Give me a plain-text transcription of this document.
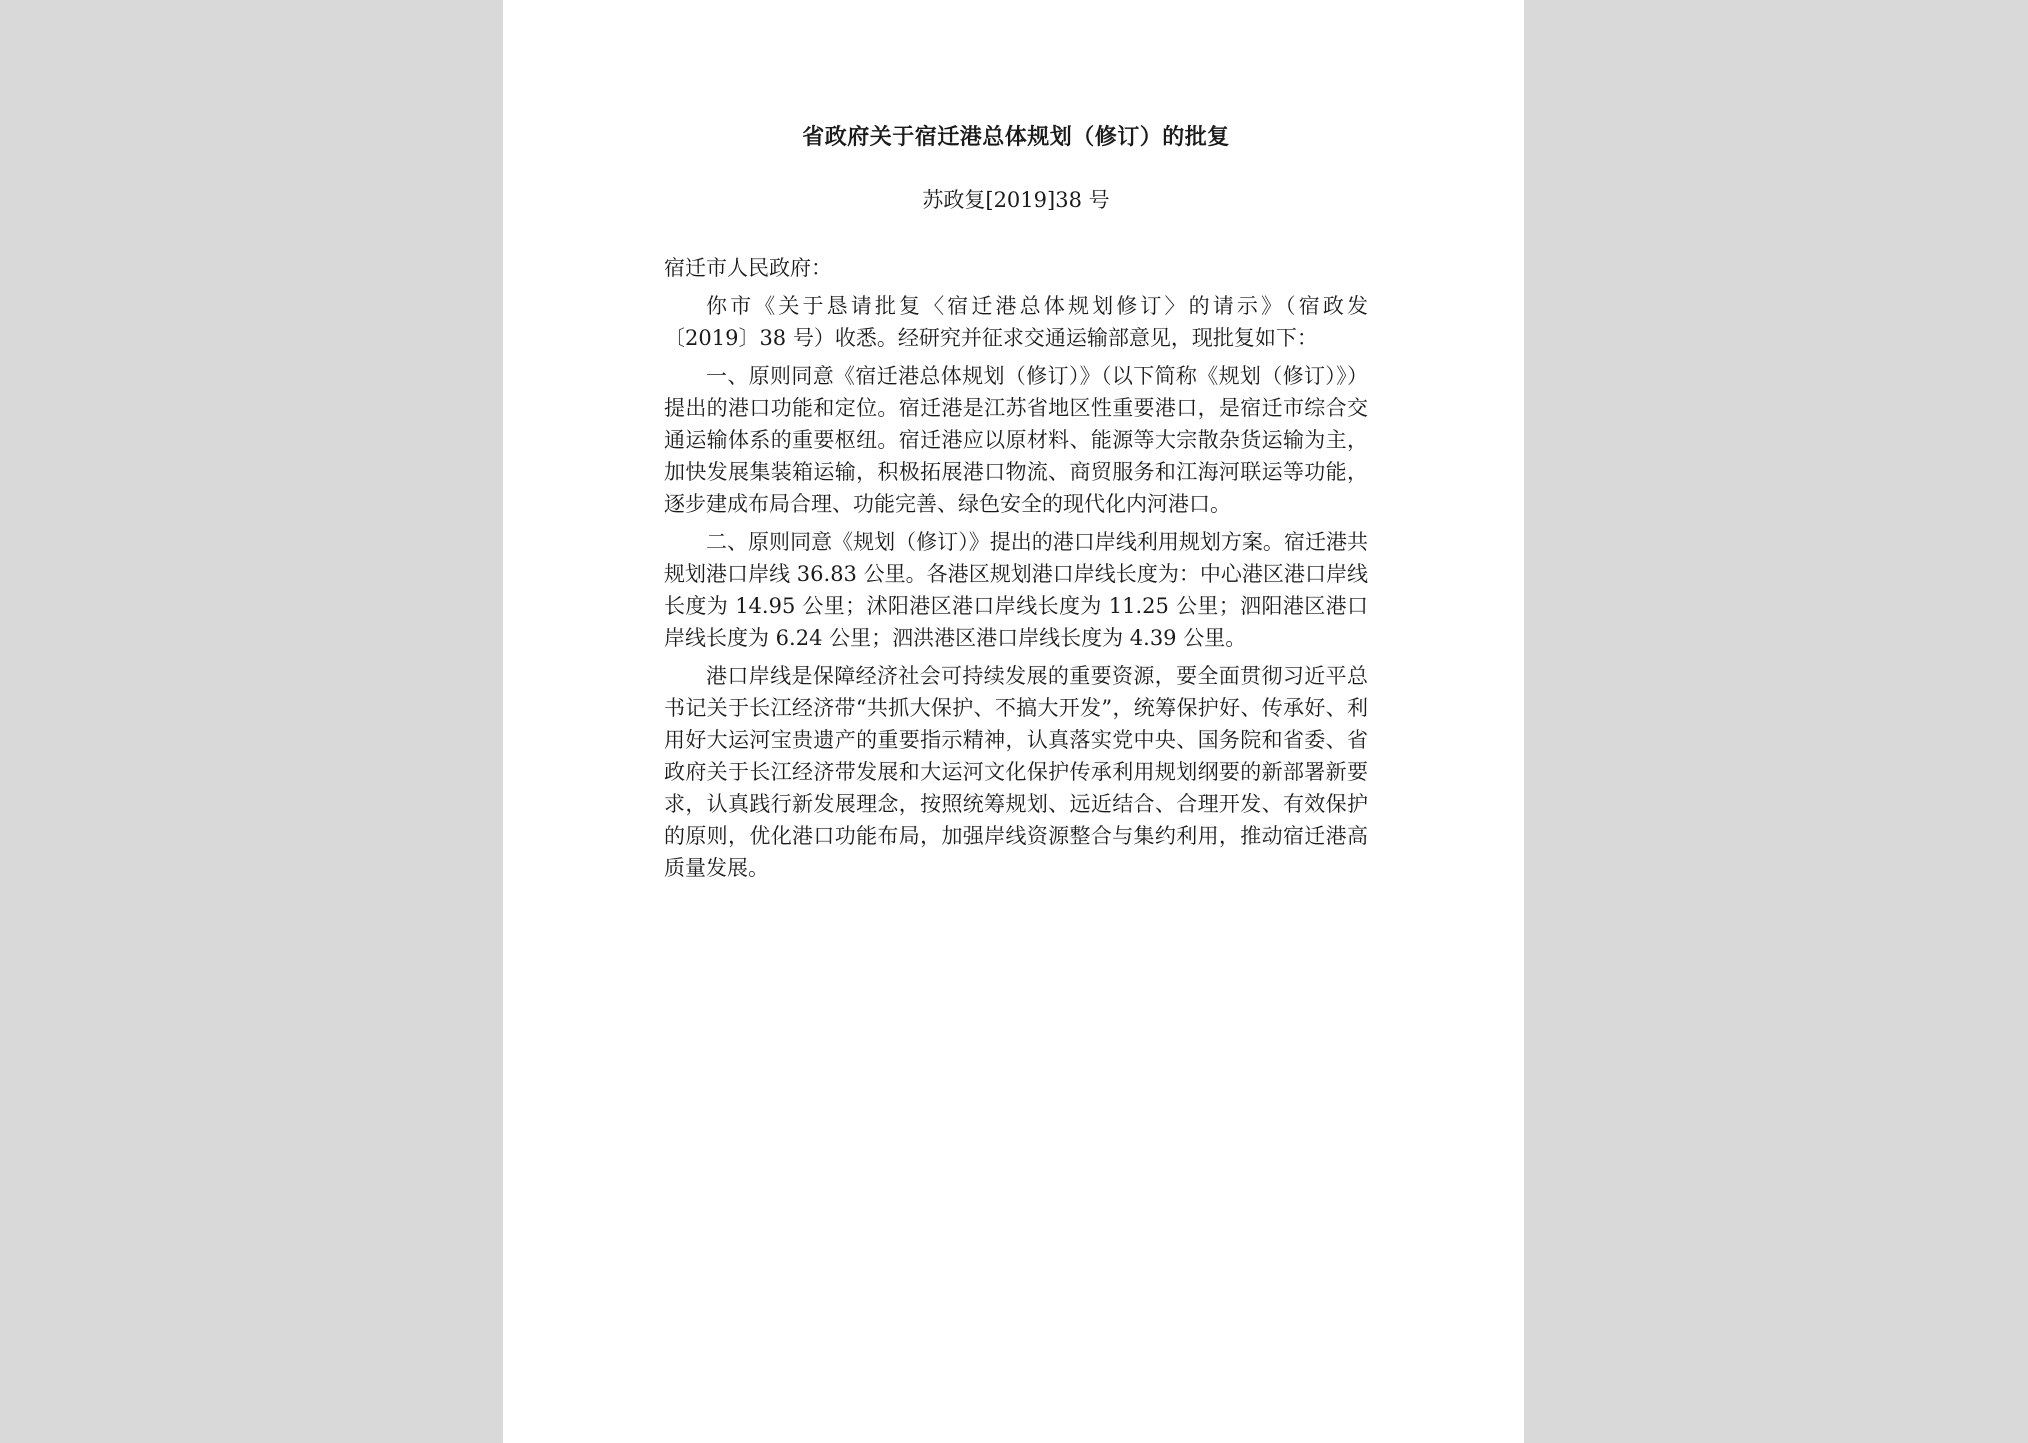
省政府关于宿迁港总体规划（修订）的批复

苏政复[2019]38 号

宿迁市人民政府：

你市《关于恳请批复〈宿迁港总体规划修订〉的请示》（宿政发〔2019〕38 号）收悉。经研究并征求交通运输部意见，现批复如下：

一、原则同意《宿迁港总体规划（修订）》（以下简称《规划（修订）》）提出的港口功能和定位。宿迁港是江苏省地区性重要港口，是宿迁市综合交通运输体系的重要枢纽。宿迁港应以原材料、能源等大宗散杂货运输为主，加快发展集装箱运输，积极拓展港口物流、商贸服务和江海河联运等功能，逐步建成布局合理、功能完善、绿色安全的现代化内河港口。

二、原则同意《规划（修订）》提出的港口岸线利用规划方案。宿迁港共规划港口岸线 36.83 公里。各港区规划港口岸线长度为：中心港区港口岸线长度为 14.95 公里；沭阳港区港口岸线长度为 11.25 公里；泗阳港区港口岸线长度为 6.24 公里；泗洪港区港口岸线长度为 4.39 公里。

港口岸线是保障经济社会可持续发展的重要资源，要全面贯彻习近平总书记关于长江经济带“共抓大保护、不搞大开发”，统筹保护好、传承好、利用好大运河宝贵遗产的重要指示精神，认真落实党中央、国务院和省委、省政府关于长江经济带发展和大运河文化保护传承利用规划纲要的新部署新要求，认真践行新发展理念，按照统筹规划、远近结合、合理开发、有效保护的原则，优化港口功能布局，加强岸线资源整合与集约利用，推动宿迁港高质量发展。
